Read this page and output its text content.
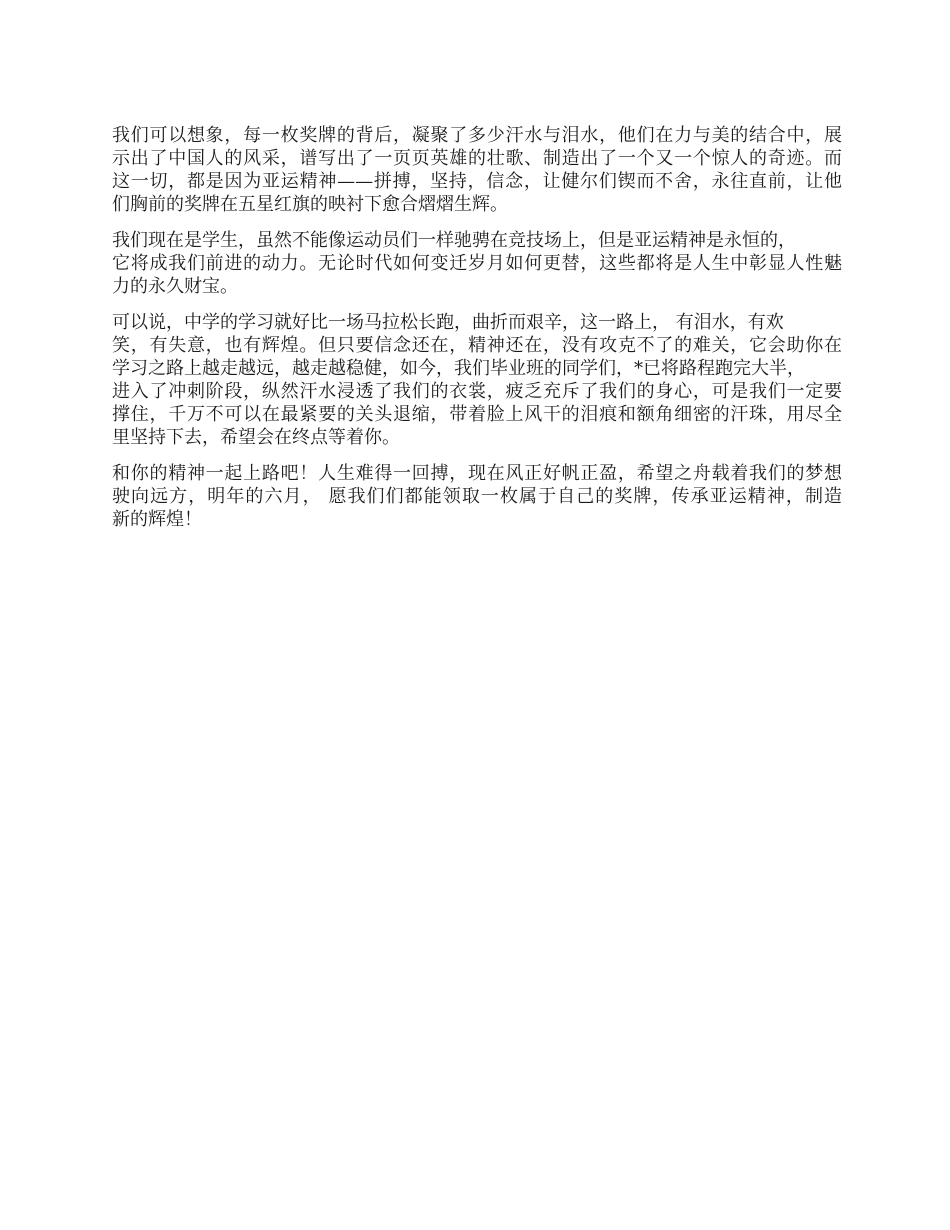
我们可以想象，每一枚奖牌的背后，凝聚了多少汗水与泪水，他们在力与美的结合中，展
示出了中国人的风采，谱写出了一页页英雄的壮歌、制造出了一个又一个惊人的奇迹。而
这一切，都是因为亚运精神——拼搏，坚持，信念，让健尔们锲而不舍，永往直前，让他
们胸前的奖牌在五星红旗的映衬下愈合熠熠生辉。

我们现在是学生，虽然不能像运动员们一样驰骋在竞技场上，但是亚运精神是永恒的，
它将成我们前进的动力。无论时代如何变迁岁月如何更替，这些都将是人生中彰显人性魅
力的永久财宝。

可以说，中学的学习就好比一场马拉松长跑，曲折而艰辛，这一路上， 有泪水，有欢
笑，有失意，也有辉煌。但只要信念还在，精神还在，没有攻克不了的难关，它会助你在
学习之路上越走越远，越走越稳健，如今，我们毕业班的同学们，*已将路程跑完大半，
进入了冲刺阶段，纵然汗水浸透了我们的衣裳，疲乏充斥了我们的身心，可是我们一定要
撑住，千万不可以在最紧要的关头退缩，带着脸上风干的泪痕和额角细密的汗珠，用尽全
里坚持下去，希望会在终点等着你。

和你的精神一起上路吧！人生难得一回搏，现在风正好帆正盈，希望之舟载着我们的梦想
驶向远方，明年的六月， 愿我们们都能领取一枚属于自己的奖牌，传承亚运精神，制造
新的辉煌！
